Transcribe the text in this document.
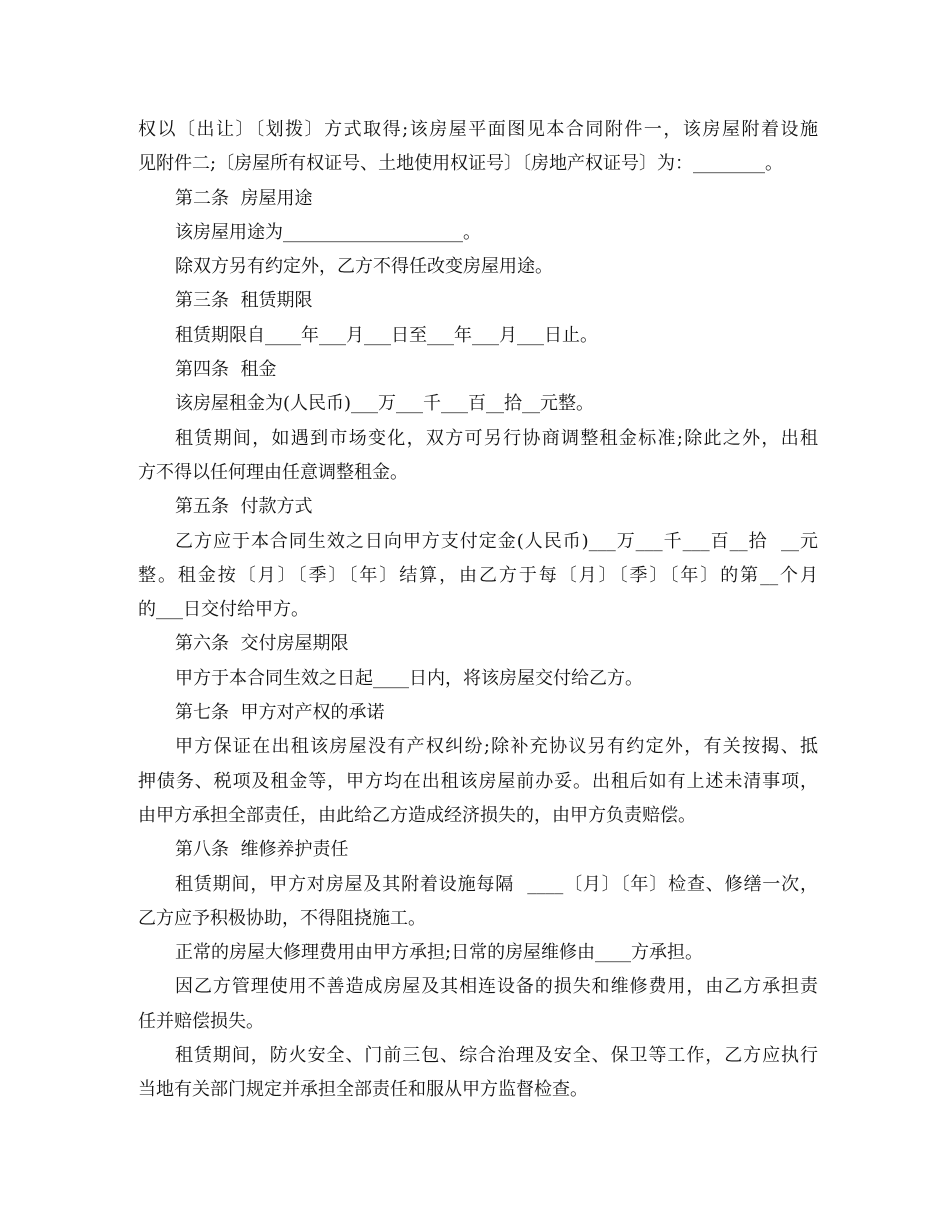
权以〔出让〕〔划拨〕方式取得;该房屋平面图见本合同附件一，该房屋附着设施
见附件二;〔房屋所有权证号、土地使用权证号〕〔房地产权证号〕为：________。
第二条  房屋用途
该房屋用途为____________________。
除双方另有约定外，乙方不得任改变房屋用途。
第三条  租赁期限
租赁期限自____年___月___日至___年___月___日止。
第四条  租金
该房屋租金为(人民币)___万___千___百__拾__元整。
租赁期间，如遇到市场变化，双方可另行协商调整租金标准;除此之外，出租
方不得以任何理由任意调整租金。
第五条  付款方式
乙方应于本合同生效之日向甲方支付定金(人民币)___万___千___百__拾  __元
整。租金按〔月〕〔季〕〔年〕结算，由乙方于每〔月〕〔季〕〔年〕的第__个月
的___日交付给甲方。
第六条  交付房屋期限
甲方于本合同生效之日起____日内，将该房屋交付给乙方。
第七条  甲方对产权的承诺
甲方保证在出租该房屋没有产权纠纷;除补充协议另有约定外，有关按揭、抵
押债务、税项及租金等，甲方均在出租该房屋前办妥。出租后如有上述未清事项，
由甲方承担全部责任，由此给乙方造成经济损失的，由甲方负责赔偿。
第八条  维修养护责任
租赁期间，甲方对房屋及其附着设施每隔  ____〔月〕〔年〕检查、修缮一次，
乙方应予积极协助，不得阻挠施工。
正常的房屋大修理费用由甲方承担;日常的房屋维修由____方承担。
因乙方管理使用不善造成房屋及其相连设备的损失和维修费用，由乙方承担责
任并赔偿损失。
租赁期间，防火安全、门前三包、综合治理及安全、保卫等工作，乙方应执行
当地有关部门规定并承担全部责任和服从甲方监督检查。
